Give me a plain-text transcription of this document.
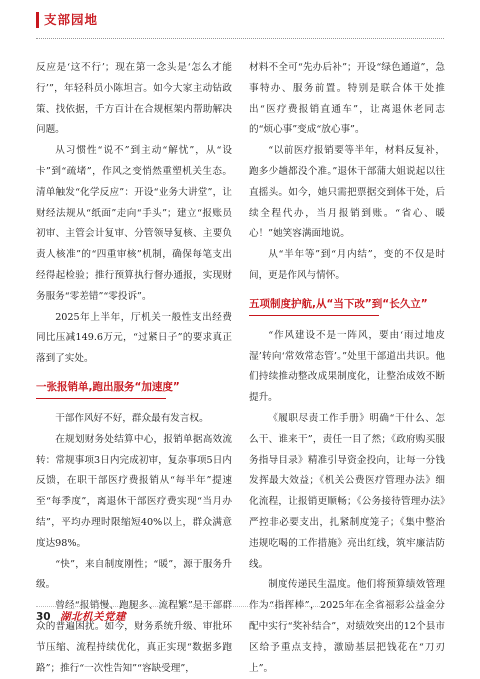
支部园地

反应是‘这不行’；现在第一念头是‘怎么才能行’”，年轻科员小陈坦言。如今大家主动钻政策、找依据，千方百计在合规框架内帮助解决问题。

从习惯性“说不”到主动“解忧”，从“设卡”到“疏堵”，作风之变悄然重塑机关生态。清单触发“化学反应”：开设“业务大讲堂”，让财经法规从“纸面”走向“手头”；建立“报账员初审、主管会计复审、分管领导复核、主要负责人核准”的“四重审核”机制，确保每笔支出经得起检验；推行预算执行督办通报，实现财务服务“零差错”“零投诉”。

2025年上半年，厅机关一般性支出经费同比压减149.6万元，“过紧日子”的要求真正落到了实处。

一张报销单,跑出服务“加速度”

干部作风好不好，群众最有发言权。

在规划财务处结算中心，报销单据高效流转：常规事项3日内完成初审，复杂事项5日内反馈，在职干部医疗费报销从“每半年”提速至“每季度”，离退休干部医疗费实现“当月办结”，平均办理时限缩短40%以上，群众满意度达98%。

“快”，来自制度刚性；“暖”，源于服务升级。

曾经“报销慢、跑腿多、流程繁”是干部群众的普遍困扰。如今，财务系统升级、审批环节压缩、流程持续优化，真正实现“数据多跑路”；推行“一次性告知”“容缺受理”，

材料不全可“先办后补”；开设“绿色通道”，急事特办、服务前置。特别是联合体干处推出“医疗费报销直通车”，让离退休老同志的“烦心事”变成“放心事”。

“以前医疗报销要等半年，材料反复补，跑多少趟都没个准。”退休干部蒲大姐说起以往直摇头。如今，她只需把票据交到体干处，后续全程代办，当月报销到账。“省心、暖心！”她笑容满面地说。

从“半年等”到“月内结”，变的不仅是时间，更是作风与情怀。

五项制度护航,从“当下改”到“长久立”

“作风建设不是一阵风，要由‘雨过地皮湿’转向‘常效常态管’。”处里干部道出共识。他们持续推动整改成果制度化，让整治成效不断提升。

《履职尽责工作手册》明确“干什么、怎么干、谁来干”，责任一目了然；《政府购买服务指导目录》精准引导资金投向，让每一分钱发挥最大效益；《机关公费医疗管理办法》细化流程，让报销更顺畅；《公务接待管理办法》严控非必要支出，扎紧制度笼子；《集中整治违规吃喝的工作措施》亮出红线，筑牢廉洁防线。

制度传递民生温度。他们将预算绩效管理作为“指挥棒”，2025年在全省福彩公益金分配中实行“奖补结合”，对绩效突出的12个县市区给予重点支持，激励基层把钱花在“刀刃上”。

30 湖北机关党建
